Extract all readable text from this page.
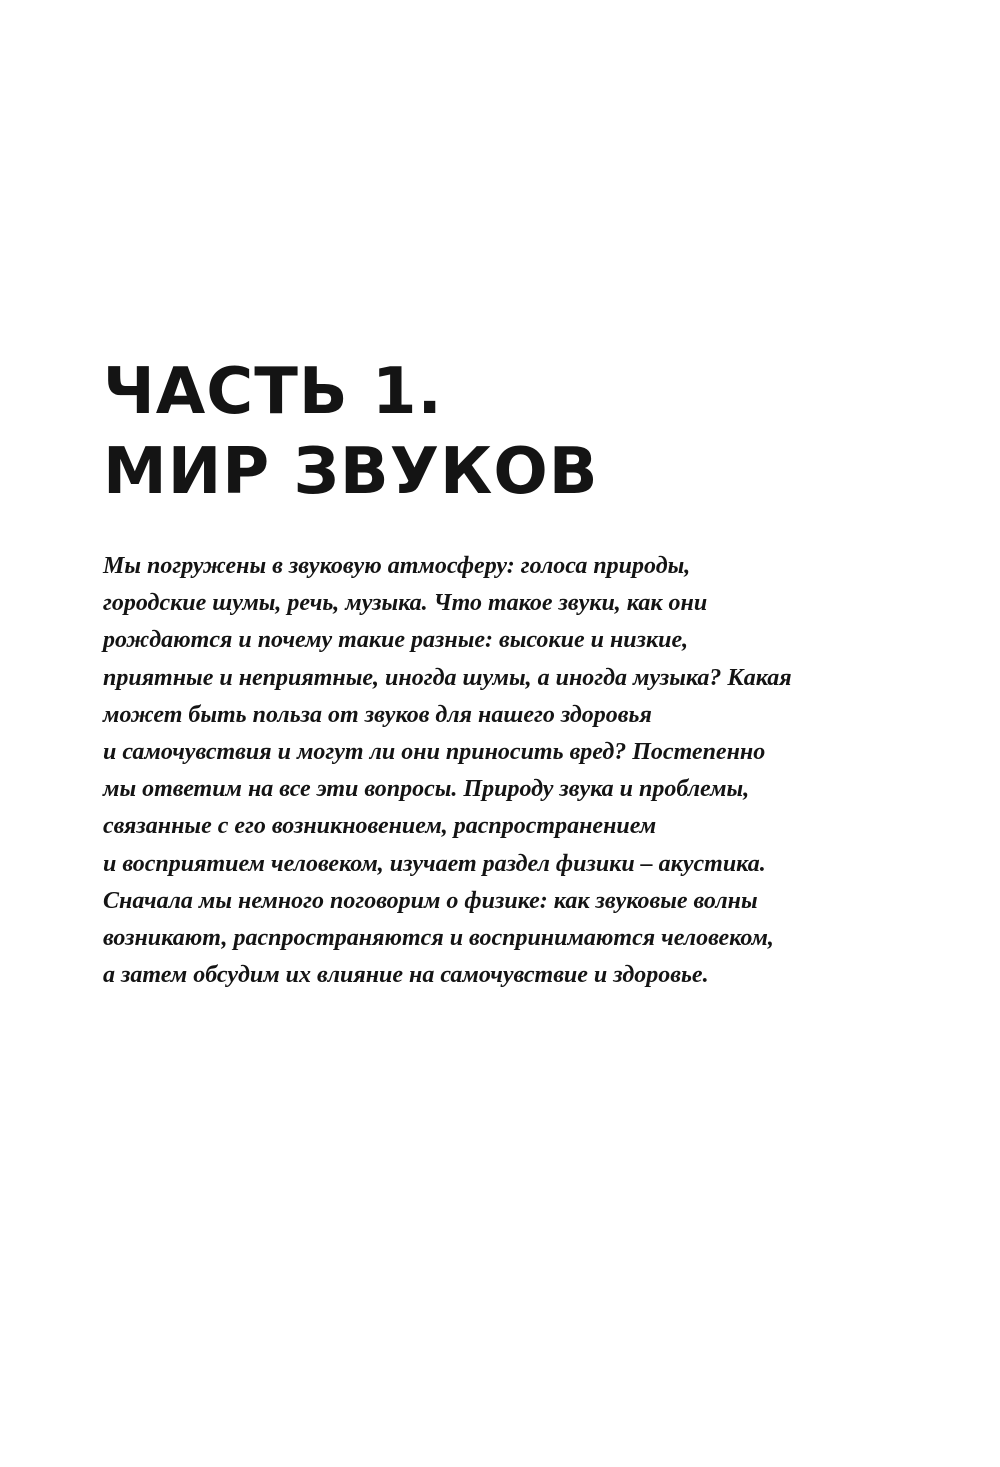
ЧАСТЬ 1.
МИР ЗВУКОВ

Мы погружены в звуковую атмосферу: голоса природы,
городские шумы, речь, музыка. Что такое звуки, как они
рождаются и почему такие разные: высокие и низкие,
приятные и неприятные, иногда шумы, а иногда музыка? Какая
может быть польза от звуков для нашего здоровья
и самочувствия и могут ли они приносить вред? Постепенно
мы ответим на все эти вопросы. Природу звука и проблемы,
связанные с его возникновением, распространением
и восприятием человеком, изучает раздел физики – акустика.
Сначала мы немного поговорим о физике: как звуковые волны
возникают, распространяются и воспринимаются человеком,
а затем обсудим их влияние на самочувствие и здоровье.
